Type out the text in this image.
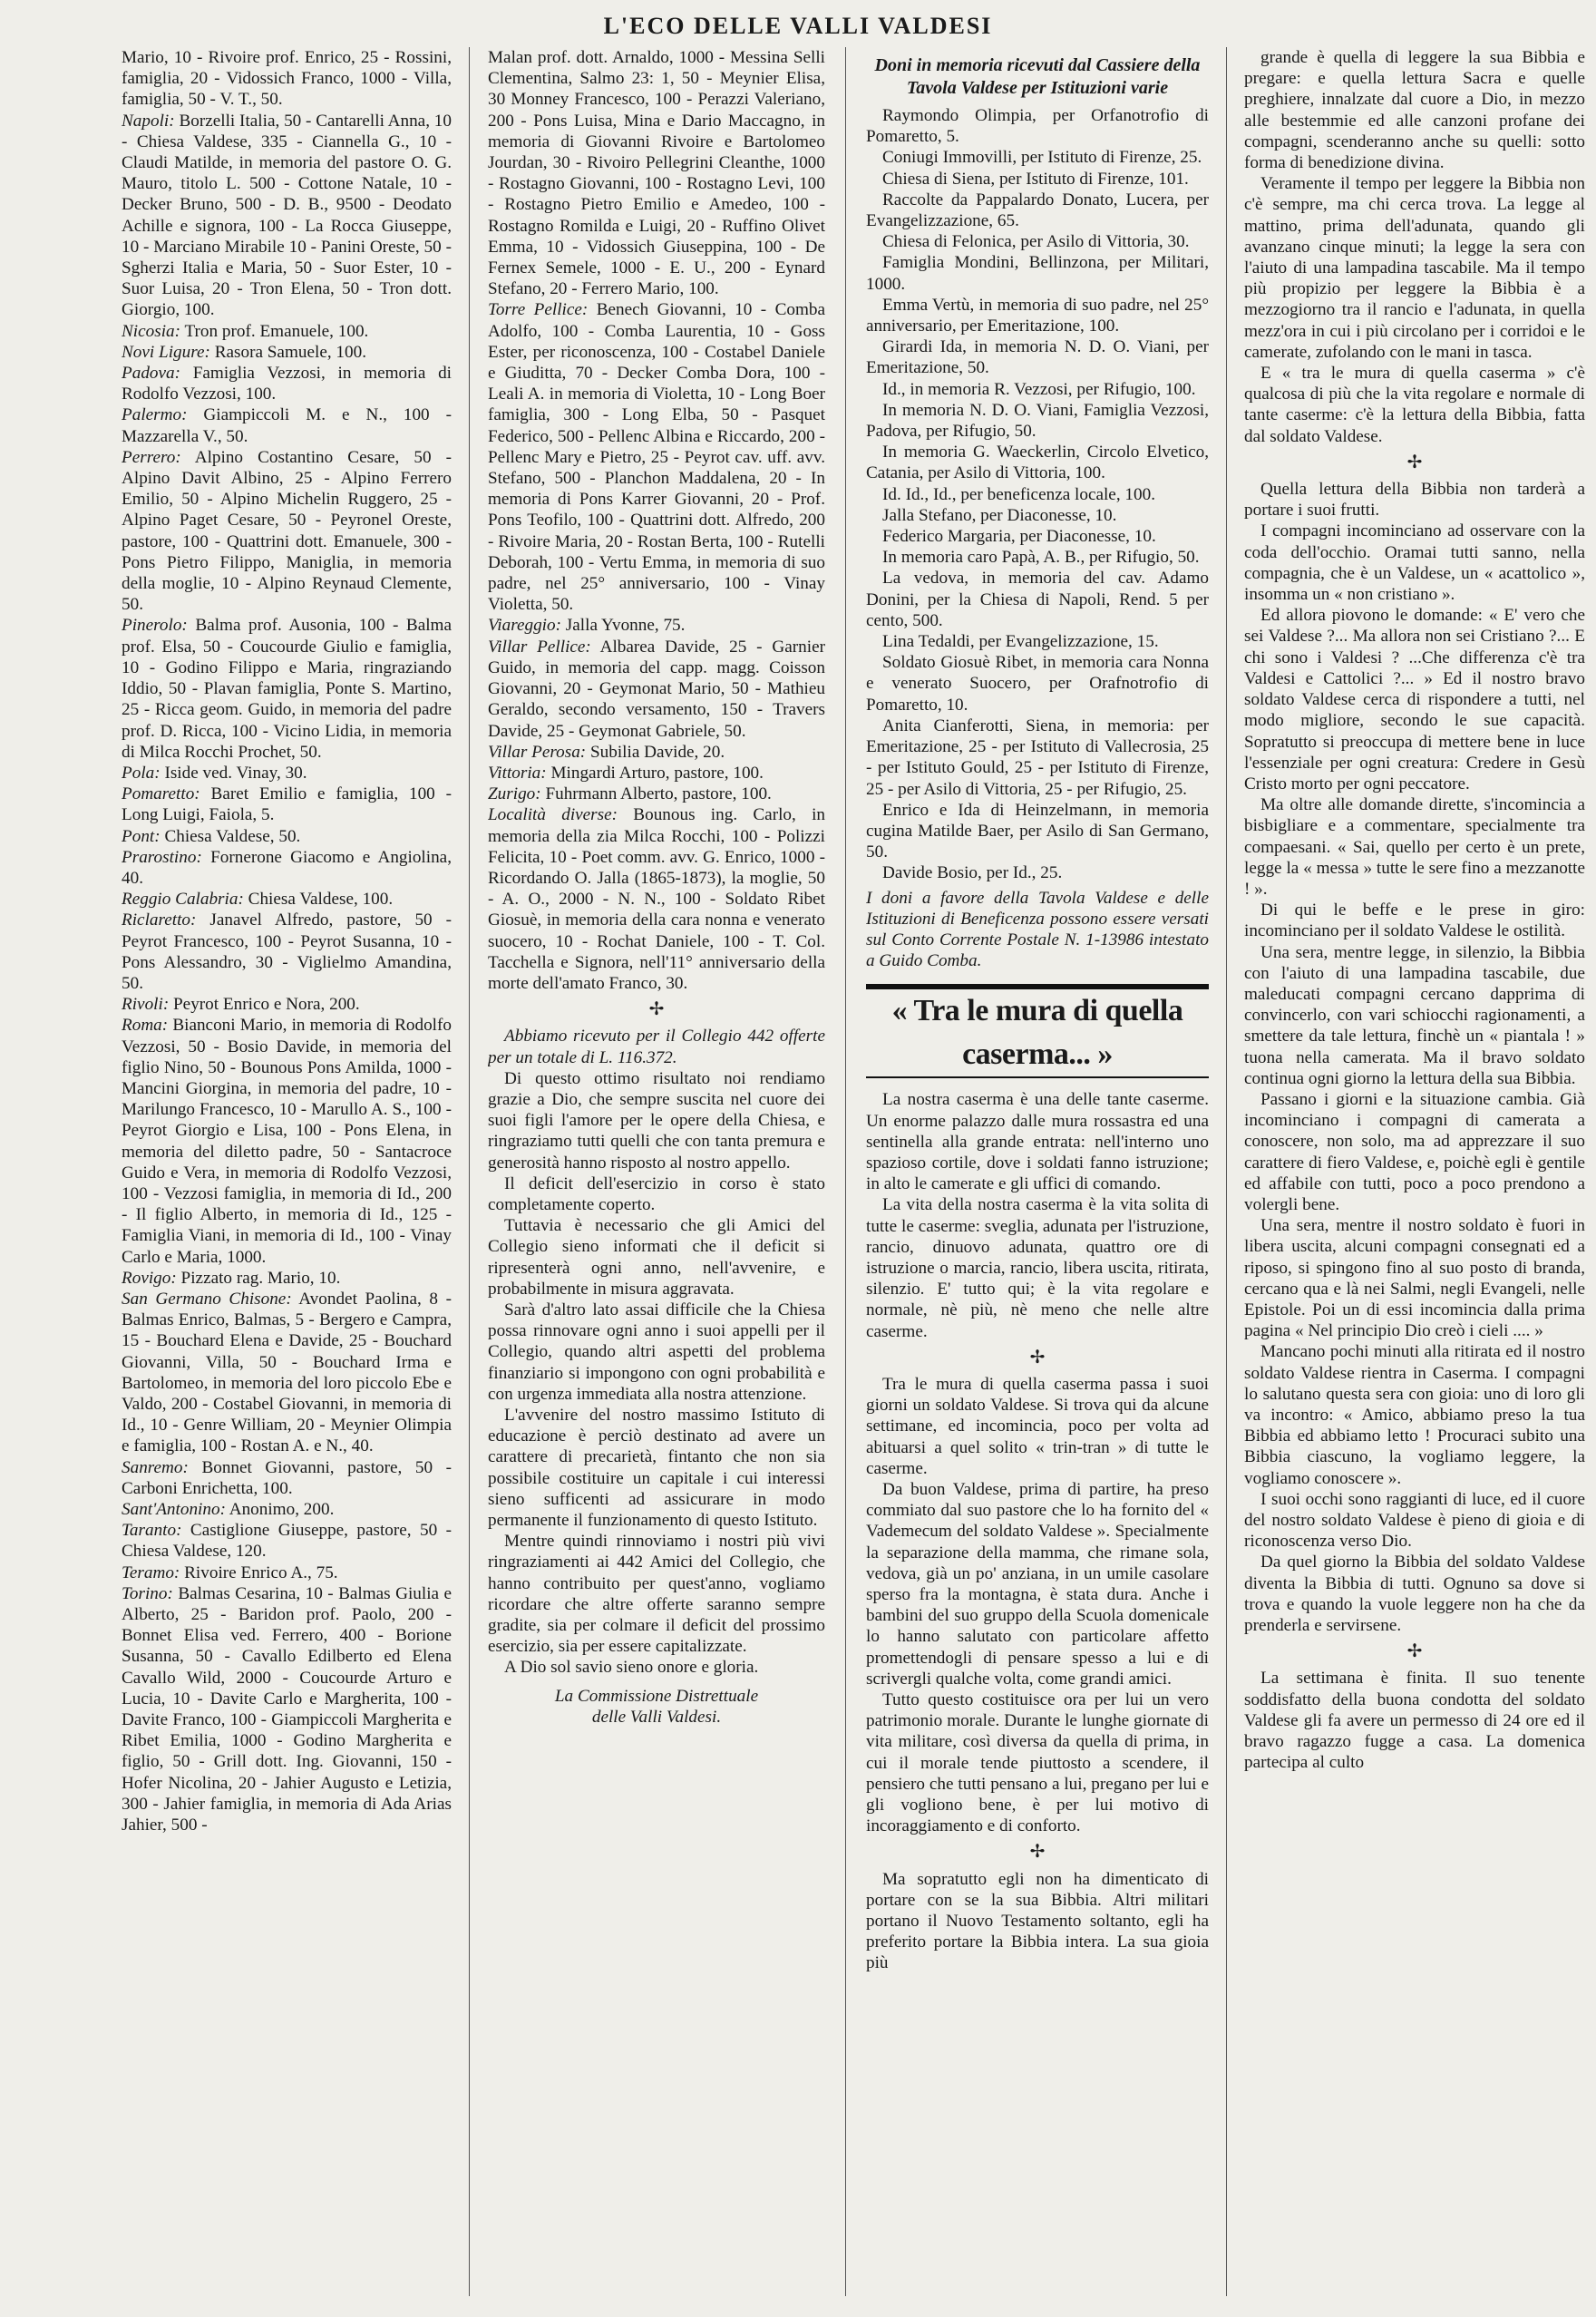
L'ECO DELLE VALLI VALDESI

Mario, 10 - Rivoire prof. Enrico, 25 - Rossini, famiglia, 20 - Vidossich Franco, 1000 - Villa, famiglia, 50 - V. T., 50.

Napoli: Borzelli Italia, 50 - Cantarelli Anna, 10 - Chiesa Valdese, 335 - Ciannella G., 10 - Claudi Matilde, in memoria del pastore O. G. Mauro, titolo L. 500 - Cottone Natale, 10 - Decker Bruno, 500 - D. B., 9500 - Deodato Achille e signora, 100 - La Rocca Giuseppe, 10 - Marciano Mirabile 10 - Panini Oreste, 50 - Sgherzi Italia e Maria, 50 - Suor Ester, 10 - Suor Luisa, 20 - Tron Elena, 50 - Tron dott. Giorgio, 100.

Nicosia: Tron prof. Emanuele, 100.

Novi Ligure: Rasora Samuele, 100.

Padova: Famiglia Vezzosi, in memoria di Rodolfo Vezzosi, 100.

Palermo: Giampiccoli M. e N., 100 - Mazzarella V., 50.

Perrero: Alpino Costantino Cesare, 50 - Alpino Davit Albino, 25 - Alpino Ferrero Emilio, 50 - Alpino Michelin Ruggero, 25 - Alpino Paget Cesare, 50 - Peyronel Oreste, pastore, 100 - Quattrini dott. Emanuele, 300 - Pons Pietro Filippo, Maniglia, in memoria della moglie, 10 - Alpino Reynaud Clemente, 50.

Pinerolo: Balma prof. Ausonia, 100 - Balma prof. Elsa, 50 - Coucourde Giulio e famiglia, 10 - Godino Filippo e Maria, ringraziando Iddio, 50 - Plavan famiglia, Ponte S. Martino, 25 - Ricca geom. Guido, in memoria del padre prof. D. Ricca, 100 - Vicino Lidia, in memoria di Milca Rocchi Prochet, 50.

Pola: Iside ved. Vinay, 30.

Pomaretto: Baret Emilio e famiglia, 100 - Long Luigi, Faiola, 5.

Pont: Chiesa Valdese, 50.

Prarostino: Fornerone Giacomo e Angiolina, 40.

Reggio Calabria: Chiesa Valdese, 100.

Riclaretto: Janavel Alfredo, pastore, 50 - Peyrot Francesco, 100 - Peyrot Susanna, 10 - Pons Alessandro, 30 - Viglielmo Amandina, 50.

Rivoli: Peyrot Enrico e Nora, 200.

Roma: Bianconi Mario, in memoria di Rodolfo Vezzosi, 50 - Bosio Davide, in memoria del figlio Nino, 50 - Bounous Pons Amilda, 1000 - Mancini Giorgina, in memoria del padre, 10 - Marilungo Francesco, 10 - Marullo A. S., 100 - Peyrot Giorgio e Lisa, 100 - Pons Elena, in memoria del diletto padre, 50 - Santacroce Guido e Vera, in memoria di Rodolfo Vezzosi, 100 - Vezzosi famiglia, in memoria di Id., 200 - Il figlio Alberto, in memoria di Id., 125 - Famiglia Viani, in memoria di Id., 100 - Vinay Carlo e Maria, 1000.

Rovigo: Pizzato rag. Mario, 10.

San Germano Chisone: Avondet Paolina, 8 - Balmas Enrico, Balmas, 5 - Bergero e Campra, 15 - Bouchard Elena e Davide, 25 - Bouchard Giovanni, Villa, 50 - Bouchard Irma e Bartolomeo, in memoria del loro piccolo Ebe e Valdo, 200 - Costabel Giovanni, in memoria di Id., 10 - Genre William, 20 - Meynier Olimpia e famiglia, 100 - Rostan A. e N., 40.

Sanremo: Bonnet Giovanni, pastore, 50 - Carboni Enrichetta, 100.

Sant'Antonino: Anonimo, 200.

Taranto: Castiglione Giuseppe, pastore, 50 - Chiesa Valdese, 120.

Teramo: Rivoire Enrico A., 75.

Torino: Balmas Cesarina, 10 - Balmas Giulia e Alberto, 25 - Baridon prof. Paolo, 200 - Bonnet Elisa ved. Ferrero, 400 - Borione Susanna, 50 - Cavallo Edilberto ed Elena Cavallo Wild, 2000 - Coucourde Arturo e Lucia, 10 - Davite Carlo e Margherita, 100 - Davite Franco, 100 - Giampiccoli Margherita e Ribet Emilia, 1000 - Godino Margherita e figlio, 50 - Grill dott. Ing. Giovanni, 150 - Hofer Nicolina, 20 - Jahier Augusto e Letizia, 300 - Jahier famiglia, in memoria di Ada Arias Jahier, 500 -

Malan prof. dott. Arnaldo, 1000 - Messina Selli Clementina, Salmo 23: 1, 50 - Meynier Elisa, 30 Monney Francesco, 100 - Perazzi Valeriano, 200 - Pons Luisa, Mina e Dario Maccagno, in memoria di Giovanni Rivoire e Bartolomeo Jourdan, 30 - Rivoiro Pellegrini Cleanthe, 1000 - Rostagno Giovanni, 100 - Rostagno Levi, 100 - Rostagno Pietro Emilio e Amedeo, 100 - Rostagno Romilda e Luigi, 20 - Ruffino Olivet Emma, 10 - Vidossich Giuseppina, 100 - De Fernex Semele, 1000 - E. U., 200 - Eynard Stefano, 20 - Ferrero Mario, 100.

Torre Pellice: Benech Giovanni, 10 - Comba Adolfo, 100 - Comba Laurentia, 10 - Goss Ester, per riconoscenza, 100 - Costabel Daniele e Giuditta, 70 - Decker Comba Dora, 100 - Leali A. in memoria di Violetta, 10 - Long Boer famiglia, 300 - Long Elba, 50 - Pasquet Federico, 500 - Pellenc Albina e Riccardo, 200 - Pellenc Mary e Pietro, 25 - Peyrot cav. uff. avv. Stefano, 500 - Planchon Maddalena, 20 - In memoria di Pons Karrer Giovanni, 20 - Prof. Pons Teofilo, 100 - Quattrini dott. Alfredo, 200 - Rivoire Maria, 20 - Rostan Berta, 100 - Rutelli Deborah, 100 - Vertu Emma, in memoria di suo padre, nel 25° anniversario, 100 - Vinay Violetta, 50.

Viareggio: Jalla Yvonne, 75.

Villar Pellice: Albarea Davide, 25 - Garnier Guido, in memoria del capp. magg. Coisson Giovanni, 20 - Geymonat Mario, 50 - Mathieu Geraldo, secondo versamento, 150 - Travers Davide, 25 - Geymonat Gabriele, 50.

Villar Perosa: Subilia Davide, 20.

Vittoria: Mingardi Arturo, pastore, 100.

Zurigo: Fuhrmann Alberto, pastore, 100.

Località diverse: Bounous ing. Carlo, in memoria della zia Milca Rocchi, 100 - Polizzi Felicita, 10 - Poet comm. avv. G. Enrico, 1000 - Ricordando O. Jalla (1865-1873), la moglie, 50 - A. O., 2000 - N. N., 100 - Soldato Ribet Giosuè, in memoria della cara nonna e venerato suocero, 10 - Rochat Daniele, 100 - T. Col. Tacchella e Signora, nell'11° anniversario della morte dell'amato Franco, 30.

✢

Abbiamo ricevuto per il Collegio 442 offerte per un totale di L. 116.372.

Di questo ottimo risultato noi rendiamo grazie a Dio, che sempre suscita nel cuore dei suoi figli l'amore per le opere della Chiesa, e ringraziamo tutti quelli che con tanta premura e generosità hanno risposto al nostro appello.

Il deficit dell'esercizio in corso è stato completamente coperto.

Tuttavia è necessario che gli Amici del Collegio sieno informati che il deficit si ripresenterà ogni anno, nell'avvenire, e probabilmente in misura aggravata.

Sarà d'altro lato assai difficile che la Chiesa possa rinnovare ogni anno i suoi appelli per il Collegio, quando altri aspetti del problema finanziario si impongono con ogni probabilità e con urgenza immediata alla nostra attenzione.

L'avvenire del nostro massimo Istituto di educazione è perciò destinato ad avere un carattere di precarietà, fintanto che non sia possibile costituire un capitale i cui interessi sieno sufficenti ad assicurare in modo permanente il funzionamento di questo Istituto.

Mentre quindi rinnoviamo i nostri più vivi ringraziamenti ai 442 Amici del Collegio, che hanno contribuito per quest'anno, vogliamo ricordare che altre offerte saranno sempre gradite, sia per colmare il deficit del prossimo esercizio, sia per essere capitalizzate.

A Dio sol savio sieno onore e gloria.

La Commissione Distrettuale

delle Valli Valdesi.

Doni in memoria ricevuti dal Cassiere della Tavola Valdese per Istituzioni varie

Raymondo Olimpia, per Orfanotrofio di Pomaretto, 5.

Coniugi Immovilli, per Istituto di Firenze, 25.

Chiesa di Siena, per Istituto di Firenze, 101.

Raccolte da Pappalardo Donato, Lucera, per Evangelizzazione, 65.

Chiesa di Felonica, per Asilo di Vittoria, 30.

Famiglia Mondini, Bellinzona, per Militari, 1000.

Emma Vertù, in memoria di suo padre, nel 25° anniversario, per Emeritazione, 100.

Girardi Ida, in memoria N. D. O. Viani, per Emeritazione, 50.

Id., in memoria R. Vezzosi, per Rifugio, 100.

In memoria N. D. O. Viani, Famiglia Vezzosi, Padova, per Rifugio, 50.

In memoria G. Waeckerlin, Circolo Elvetico, Catania, per Asilo di Vittoria, 100.

Id. Id., Id., per beneficenza locale, 100.

Jalla Stefano, per Diaconesse, 10.

Federico Margaria, per Diaconesse, 10.

In memoria caro Papà, A. B., per Rifugio, 50.

La vedova, in memoria del cav. Adamo Donini, per la Chiesa di Napoli, Rend. 5 per cento, 500.

Lina Tedaldi, per Evangelizzazione, 15.

Soldato Giosuè Ribet, in memoria cara Nonna e venerato Suocero, per Orafnotrofio di Pomaretto, 10.

Anita Cianferotti, Siena, in memoria: per Emeritazione, 25 - per Istituto di Vallecrosia, 25 - per Istituto Gould, 25 - per Istituto di Firenze, 25 - per Asilo di Vittoria, 25 - per Rifugio, 25.

Enrico e Ida di Heinzelmann, in memoria cugina Matilde Baer, per Asilo di San Germano, 50.

Davide Bosio, per Id., 25.

I doni a favore della Tavola Valdese e delle Istituzioni di Beneficenza possono essere versati sul Conto Corrente Postale N. 1-13986 intestato a Guido Comba.

« Tra le mura di quella caserma... »

La nostra caserma è una delle tante caserme. Un enorme palazzo dalle mura rossastra ed una sentinella alla grande entrata: nell'interno uno spazioso cortile, dove i soldati fanno istruzione; in alto le camerate e gli uffici di comando.

La vita della nostra caserma è la vita solita di tutte le caserme: sveglia, adunata per l'istruzione, rancio, dinuovo adunata, quattro ore di istruzione o marcia, rancio, libera uscita, ritirata, silenzio. E' tutto qui; è la vita regolare e normale, nè più, nè meno che nelle altre caserme.

✢

Tra le mura di quella caserma passa i suoi giorni un soldato Valdese. Si trova qui da alcune settimane, ed incomincia, poco per volta ad abituarsi a quel solito « trin-tran » di tutte le caserme.

Da buon Valdese, prima di partire, ha preso commiato dal suo pastore che lo ha fornito del « Vademecum del soldato Valdese ». Specialmente la separazione della mamma, che rimane sola, vedova, già un po' anziana, in un umile casolare sperso fra la montagna, è stata dura. Anche i bambini del suo gruppo della Scuola domenicale lo hanno salutato con particolare affetto promettendogli di pensare spesso a lui e di scrivergli qualche volta, come grandi amici.

Tutto questo costituisce ora per lui un vero patrimonio morale. Durante le lunghe giornate di vita militare, così diversa da quella di prima, in cui il morale tende piuttosto a scendere, il pensiero che tutti pensano a lui, pregano per lui e gli vogliono bene, è per lui motivo di incoraggiamento e di conforto.

✢

Ma sopratutto egli non ha dimenticato di portare con se la sua Bibbia. Altri militari portano il Nuovo Testamento soltanto, egli ha preferito portare la Bibbia intera. La sua gioia più

grande è quella di leggere la sua Bibbia e pregare: e quella lettura Sacra e quelle preghiere, innalzate dal cuore a Dio, in mezzo alle bestemmie ed alle canzoni profane dei compagni, scenderanno anche su quelli: sotto forma di benedizione divina.

Veramente il tempo per leggere la Bibbia non c'è sempre, ma chi cerca trova. La legge al mattino, prima dell'adunata, quando gli avanzano cinque minuti; la legge la sera con l'aiuto di una lampadina tascabile. Ma il tempo più propizio per leggere la Bibbia è a mezzogiorno tra il rancio e l'adunata, in quella mezz'ora in cui i più circolano per i corridoi e le camerate, zufolando con le mani in tasca.

E « tra le mura di quella caserma » c'è qualcosa di più che la vita regolare e normale di tante caserme: c'è la lettura della Bibbia, fatta dal soldato Valdese.

✢

Quella lettura della Bibbia non tarderà a portare i suoi frutti.

I compagni incominciano ad osservare con la coda dell'occhio. Oramai tutti sanno, nella compagnia, che è un Valdese, un « acattolico », insomma un « non cristiano ».

Ed allora piovono le domande: « E' vero che sei Valdese ?... Ma allora non sei Cristiano ?... E chi sono i Valdesi ? ...Che differenza c'è tra Valdesi e Cattolici ?... » Ed il nostro bravo soldato Valdese cerca di rispondere a tutti, nel modo migliore, secondo le sue capacità. Sopratutto si preoccupa di mettere bene in luce l'essenziale per ogni creatura: Credere in Gesù Cristo morto per ogni peccatore.

Ma oltre alle domande dirette, s'incomincia a bisbigliare e a commentare, specialmente tra compaesani. « Sai, quello per certo è un prete, legge la « messa » tutte le sere fino a mezzanotte ! ».

Di qui le beffe e le prese in giro: incominciano per il soldato Valdese le ostilità.

Una sera, mentre legge, in silenzio, la Bibbia con l'aiuto di una lampadina tascabile, due maleducati compagni cercano dapprima di convincerlo, con vari schiocchi ragionamenti, a smettere da tale lettura, finchè un « piantala ! » tuona nella camerata. Ma il bravo soldato continua ogni giorno la lettura della sua Bibbia.

Passano i giorni e la situazione cambia. Già incominciano i compagni di camerata a conoscere, non solo, ma ad apprezzare il suo carattere di fiero Valdese, e, poichè egli è gentile ed affabile con tutti, poco a poco prendono a volergli bene.

Una sera, mentre il nostro soldato è fuori in libera uscita, alcuni compagni consegnati ed a riposo, si spingono fino al suo posto di branda, cercano qua e là nei Salmi, negli Evangeli, nelle Epistole. Poi un di essi incomincia dalla prima pagina « Nel principio Dio creò i cieli .... »

Mancano pochi minuti alla ritirata ed il nostro soldato Valdese rientra in Caserma. I compagni lo salutano questa sera con gioia: uno di loro gli va incontro: « Amico, abbiamo preso la tua Bibbia ed abbiamo letto ! Procuraci subito una Bibbia ciascuno, la vogliamo leggere, la vogliamo conoscere ».

I suoi occhi sono raggianti di luce, ed il cuore del nostro soldato Valdese è pieno di gioia e di riconoscenza verso Dio.

Da quel giorno la Bibbia del soldato Valdese diventa la Bibbia di tutti. Ognuno sa dove si trova e quando la vuole leggere non ha che da prenderla e servirsene.

✢

La settimana è finita. Il suo tenente soddisfatto della buona condotta del soldato Valdese gli fa avere un permesso di 24 ore ed il bravo ragazzo fugge a casa. La domenica partecipa al culto
